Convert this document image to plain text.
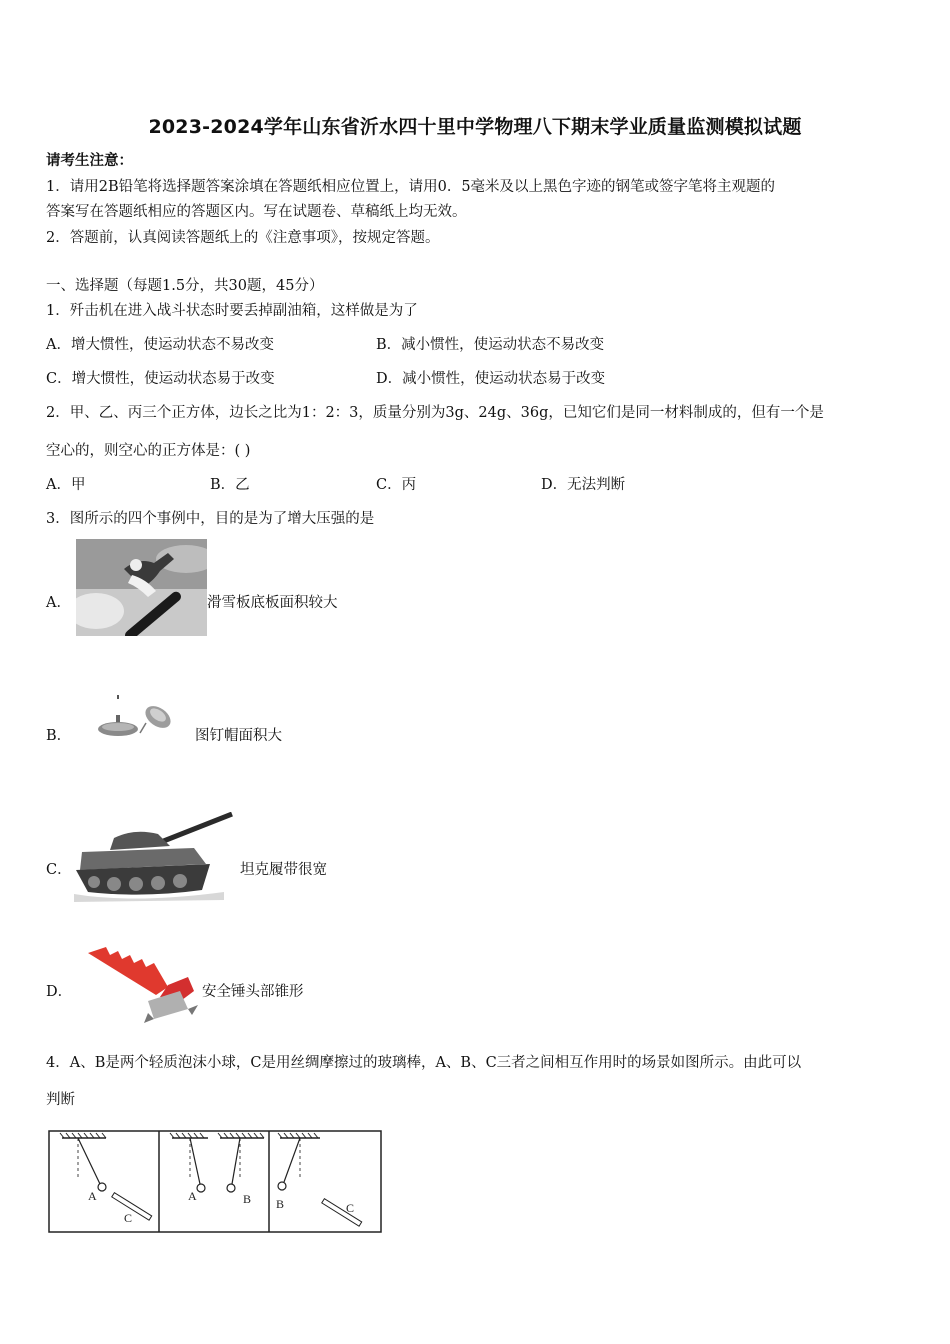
2023-2024学年山东省沂水四十里中学物理八下期末学业质量监测模拟试题
请考生注意：
1．请用2B铅笔将选择题答案涂填在答题纸相应位置上，请用0．5毫米及以上黑色字迹的钢笔或签字笔将主观题的
答案写在答题纸相应的答题区内。写在试题卷、草稿纸上均无效。
2．答题前，认真阅读答题纸上的《注意事项》，按规定答题。
一、选择题（每题1.5分，共30题，45分）
1．歼击机在进入战斗状态时要丢掉副油箱，这样做是为了
A．增大惯性，使运动状态不易改变	B．减小惯性，使运动状态不易改变
C．增大惯性，使运动状态易于改变	D．减小惯性，使运动状态易于改变
2．甲、乙、丙三个正方体，边长之比为1：2：3，质量分别为3g、24g、36g，已知它们是同一材料制成的，但有一个是
空心的，则空心的正方体是：( )
A．甲	B．乙	C．丙	D．无法判断
3．图所示的四个事例中，目的是为了增大压强的是
A．	滑雪板底板面积较大
B．	图钉帽面积大
C．	坦克履带很宽
D．	安全锤头部锥形
4．A、B是两个轻质泡沫小球，C是用丝绸摩擦过的玻璃棒，A、B、C三者之间相互作用时的场景如图所示。由此可以
判断
A
C
A	B B	C
